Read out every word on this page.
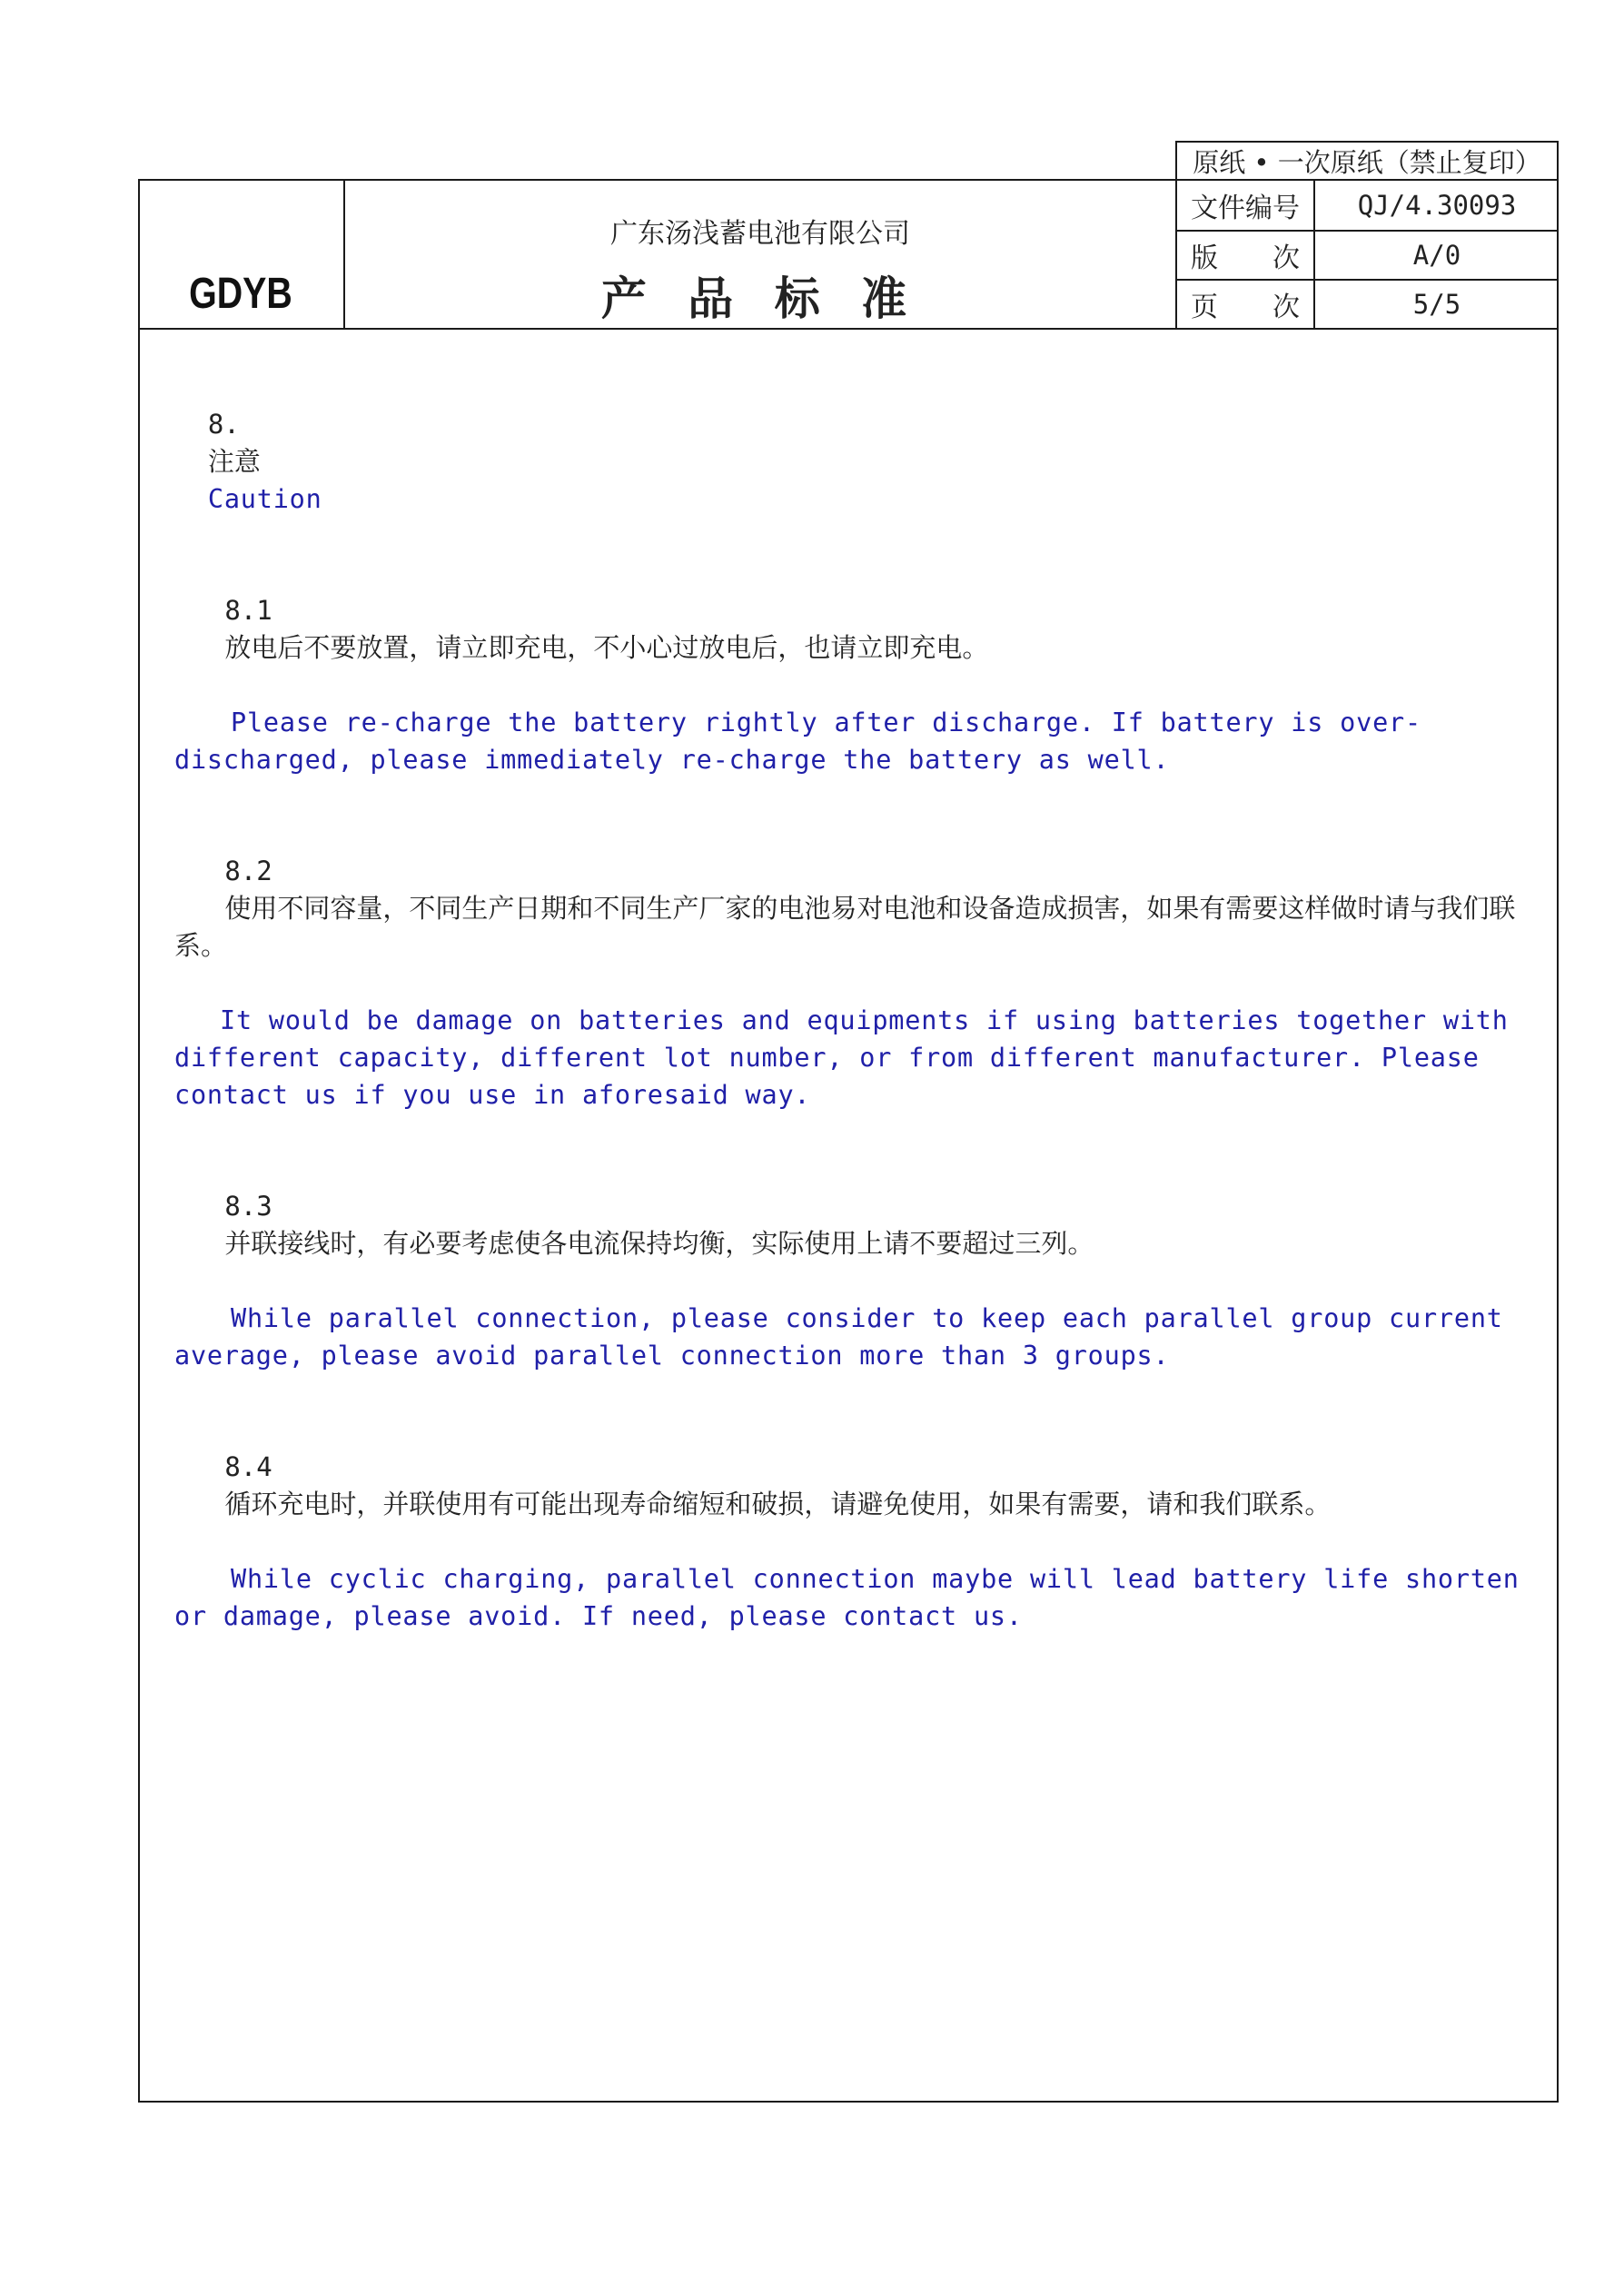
原纸 • 一次原纸（禁止复印）
GDYB
广东汤浅蓄电池有限公司
产 品 标 准
文件编号	QJ/4.30093
版　　次	A/0
页　　次	5/5

8.
注意
Caution

8.1
放电后不要放置，请立即充电，不小心过放电后，也请立即充电。

Please re-charge the battery rightly after discharge. If battery is over-discharged, please immediately re-charge the battery as well.

8.2
使用不同容量，不同生产日期和不同生产厂家的电池易对电池和设备造成损害，如果有需要这样做时请与我们联系。

It would be damage on batteries and equipments if using batteries together with different capacity, different lot number, or from different manufacturer. Please contact us if you use in aforesaid way.

8.3
并联接线时，有必要考虑使各电流保持均衡，实际使用上请不要超过三列。

While parallel connection, please consider to keep each parallel group current average, please avoid parallel connection more than 3 groups.

8.4
循环充电时，并联使用有可能出现寿命缩短和破损，请避免使用，如果有需要，请和我们联系。

While cyclic charging, parallel connection maybe will lead battery life shorten or damage, please avoid. If need, please contact us.
